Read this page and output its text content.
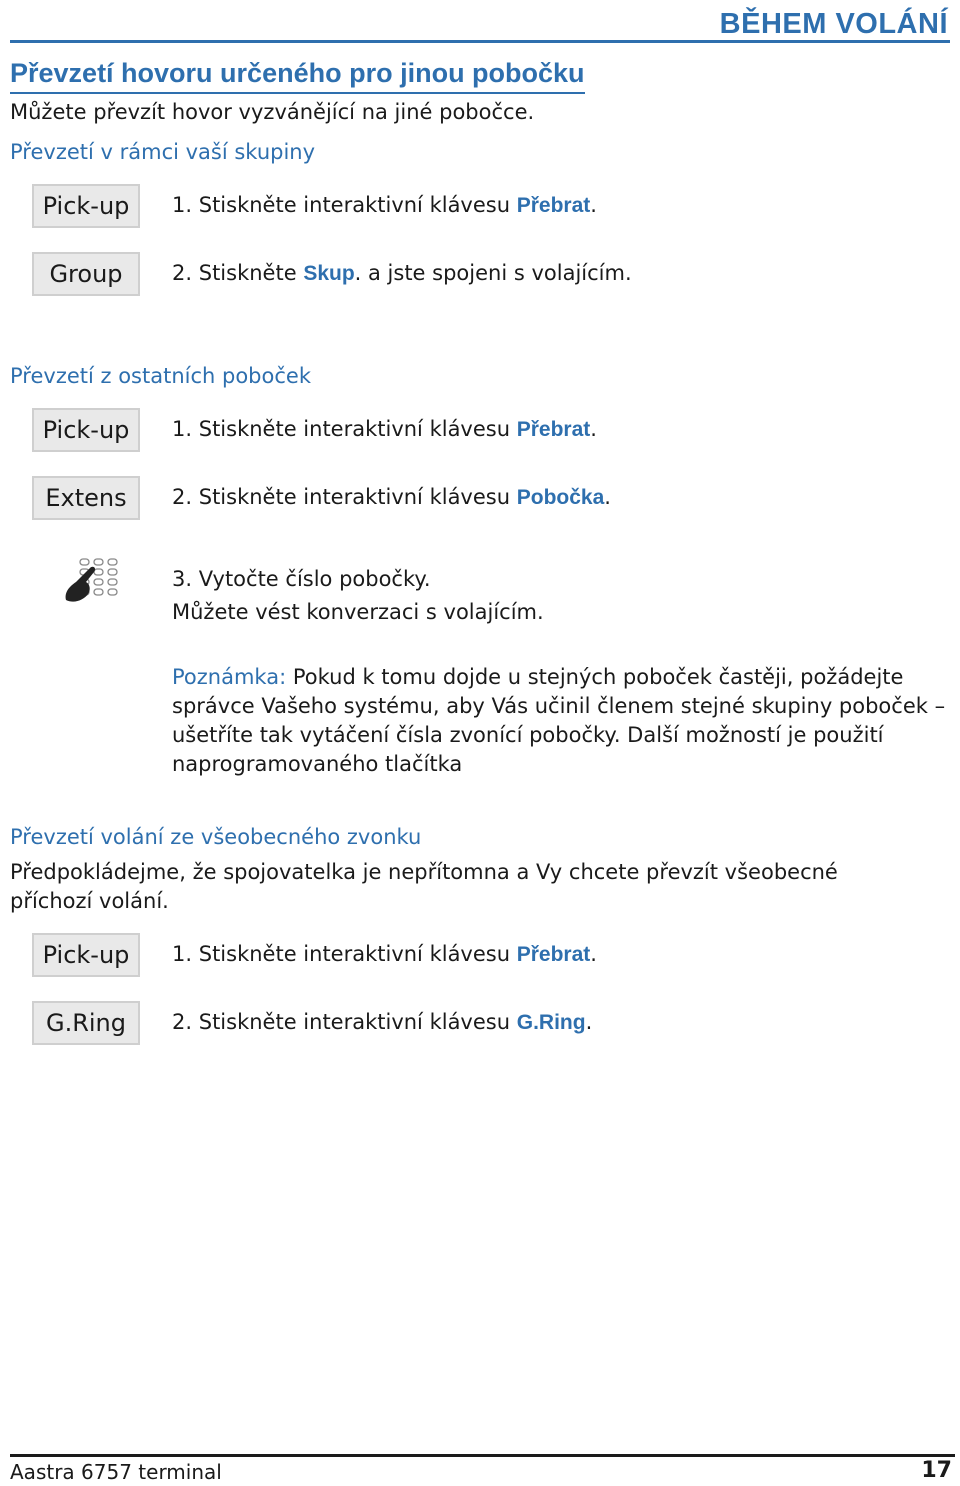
BĚHEM VOLÁNÍ
Převzetí hovoru určeného pro jinou pobočku
Můžete převzít hovor vyzvánějící na jiné pobočce.
Převzetí v rámci vaší skupiny
Pick-up	1. Stiskněte interaktivní klávesu Přebrat.
Group	2. Stiskněte Skup. a jste spojeni s volajícím.
Převzetí z ostatních poboček
Pick-up	1. Stiskněte interaktivní klávesu Přebrat.
Extens	2. Stiskněte interaktivní klávesu Pobočka.
3. Vytočte číslo pobočky.
Můžete vést konverzaci s volajícím.
Poznámka: Pokud k tomu dojde u stejných poboček častěji, požádejte správce Vašeho systému, aby Vás učinil členem stejné skupiny poboček – ušetříte tak vytáčení čísla zvonící pobočky. Další možností je použití naprogramovaného tlačítka
Převzetí volání ze všeobecného zvonku
Předpokládejme, že spojovatelka je nepřítomna a Vy chcete převzít všeobecné příchozí volání.
Pick-up	1. Stiskněte interaktivní klávesu Přebrat.
G.Ring	2. Stiskněte interaktivní klávesu G.Ring.
Aastra 6757 terminal	17
